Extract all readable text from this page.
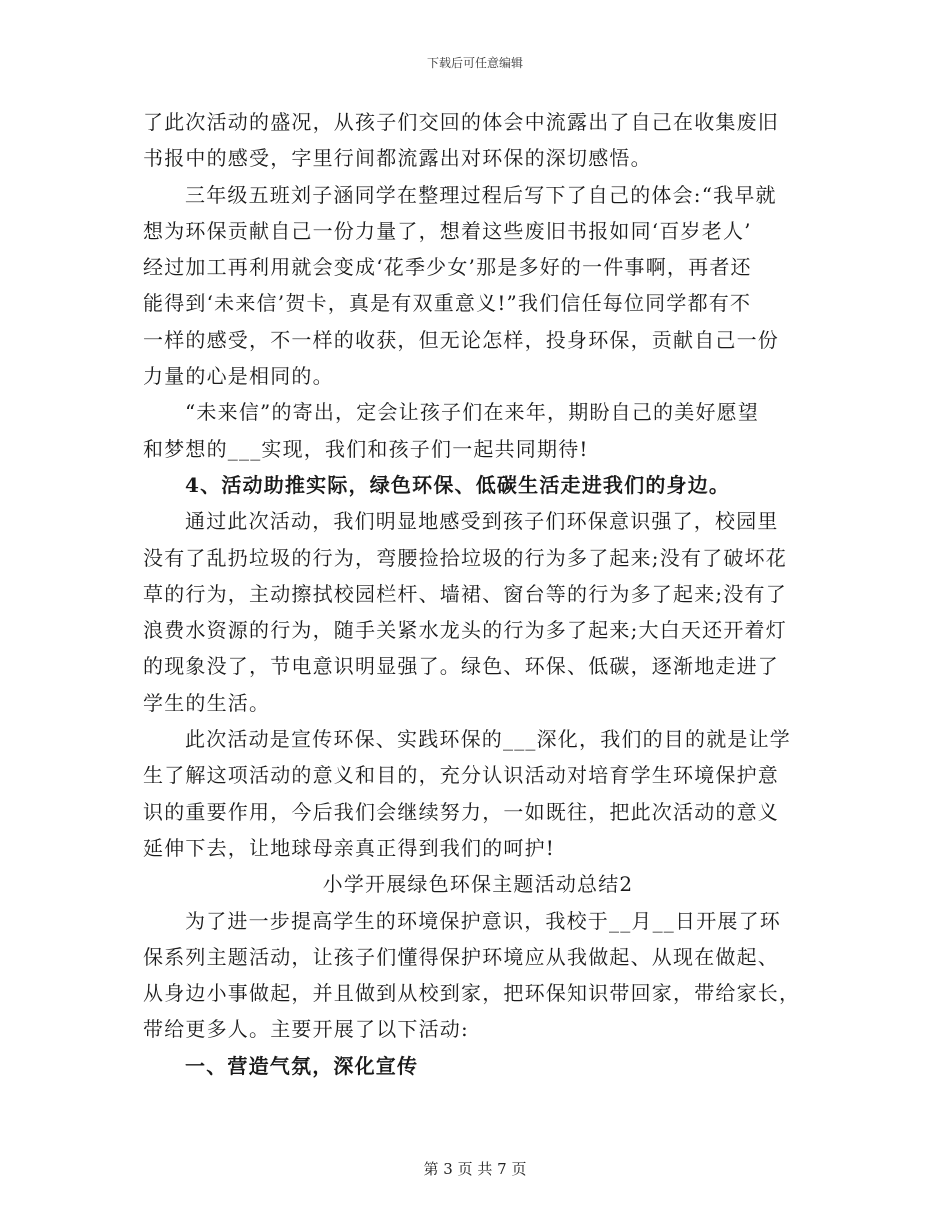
下载后可任意编辑
了此次活动的盛况，从孩子们交回的体会中流露出了自己在收集废旧
书报中的感受，字里行间都流露出对环保的深切感悟。
三年级五班刘子涵同学在整理过程后写下了自己的体会:“我早就
想为环保贡献自己一份力量了，想着这些废旧书报如同‘百岁老人’
经过加工再利用就会变成‘花季少女’那是多好的一件事啊，再者还
能得到‘未来信’贺卡，真是有双重意义!”我们信任每位同学都有不
一样的感受，不一样的收获，但无论怎样，投身环保，贡献自己一份
力量的心是相同的。
“未来信”的寄出，定会让孩子们在来年，期盼自己的美好愿望
和梦想的___实现，我们和孩子们一起共同期待!
4、活动助推实际，绿色环保、低碳生活走进我们的身边。
通过此次活动，我们明显地感受到孩子们环保意识强了，校园里
没有了乱扔垃圾的行为，弯腰捡拾垃圾的行为多了起来;没有了破坏花
草的行为，主动擦拭校园栏杆、墙裙、窗台等的行为多了起来;没有了
浪费水资源的行为，随手关紧水龙头的行为多了起来;大白天还开着灯
的现象没了，节电意识明显强了。绿色、环保、低碳，逐渐地走进了
学生的生活。
此次活动是宣传环保、实践环保的___深化，我们的目的就是让学
生了解这项活动的意义和目的，充分认识活动对培育学生环境保护意
识的重要作用，今后我们会继续努力，一如既往，把此次活动的意义
延伸下去，让地球母亲真正得到我们的呵护!
小学开展绿色环保主题活动总结2
为了进一步提高学生的环境保护意识，我校于__月__日开展了环
保系列主题活动，让孩子们懂得保护环境应从我做起、从现在做起、
从身边小事做起，并且做到从校到家，把环保知识带回家，带给家长，
带给更多人。主要开展了以下活动:
一、营造气氛，深化宣传
第 3 页 共 7 页
